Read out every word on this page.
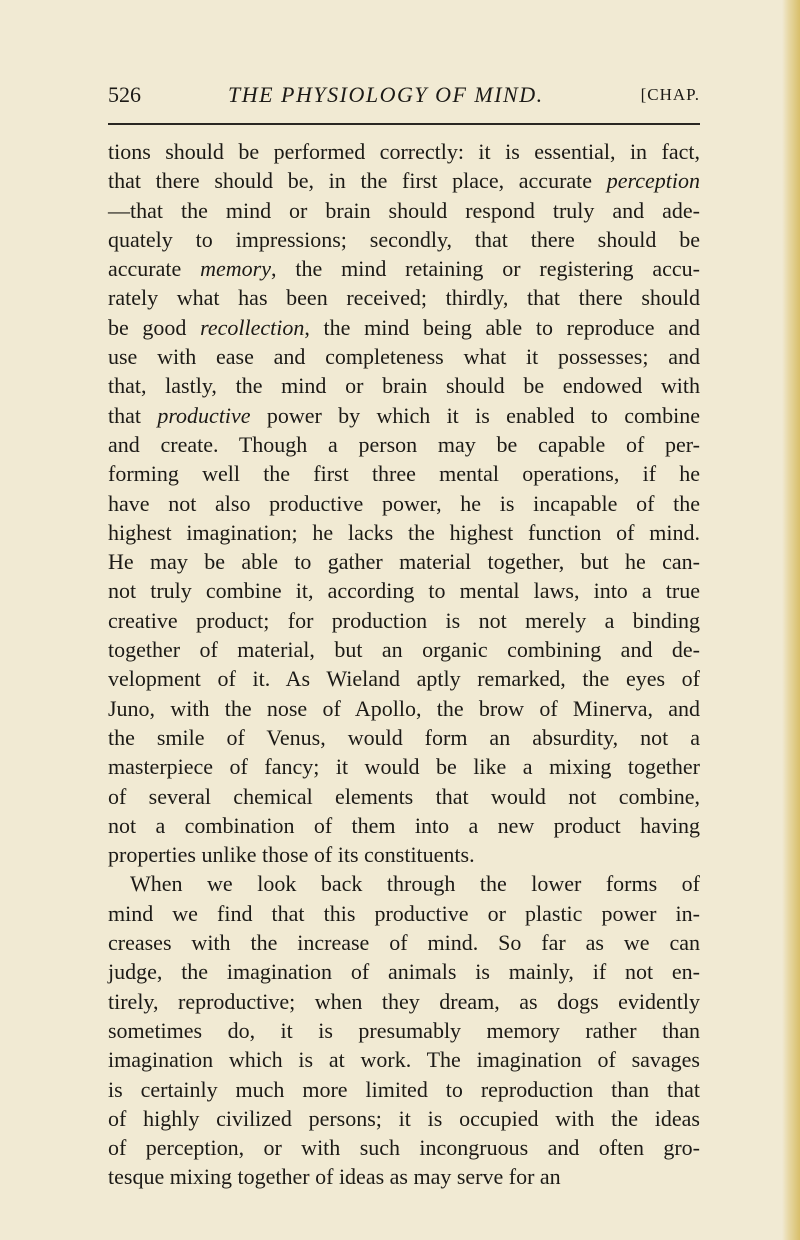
526	THE PHYSIOLOGY OF MIND.	[CHAP.
tions should be performed correctly: it is essential, in fact,
that there should be, in the first place, accurate perception
—that the mind or brain should respond truly and ade-
quately to impressions; secondly, that there should be
accurate memory, the mind retaining or registering accu-
rately what has been received; thirdly, that there should
be good recollection, the mind being able to reproduce and
use with ease and completeness what it possesses; and
that, lastly, the mind or brain should be endowed with
that productive power by which it is enabled to combine
and create. Though a person may be capable of per-
forming well the first three mental operations, if he
have not also productive power, he is incapable of the
highest imagination; he lacks the highest function of mind.
He may be able to gather material together, but he can-
not truly combine it, according to mental laws, into a true
creative product; for production is not merely a binding
together of material, but an organic combining and de-
velopment of it. As Wieland aptly remarked, the eyes of
Juno, with the nose of Apollo, the brow of Minerva, and
the smile of Venus, would form an absurdity, not a
masterpiece of fancy; it would be like a mixing together
of several chemical elements that would not combine,
not a combination of them into a new product having
properties unlike those of its constituents.
When we look back through the lower forms of
mind we find that this productive or plastic power in-
creases with the increase of mind. So far as we can
judge, the imagination of animals is mainly, if not en-
tirely, reproductive; when they dream, as dogs evidently
sometimes do, it is presumably memory rather than
imagination which is at work. The imagination of savages
is certainly much more limited to reproduction than that
of highly civilized persons; it is occupied with the ideas
of perception, or with such incongruous and often gro-
tesque mixing together of ideas as may serve for an
